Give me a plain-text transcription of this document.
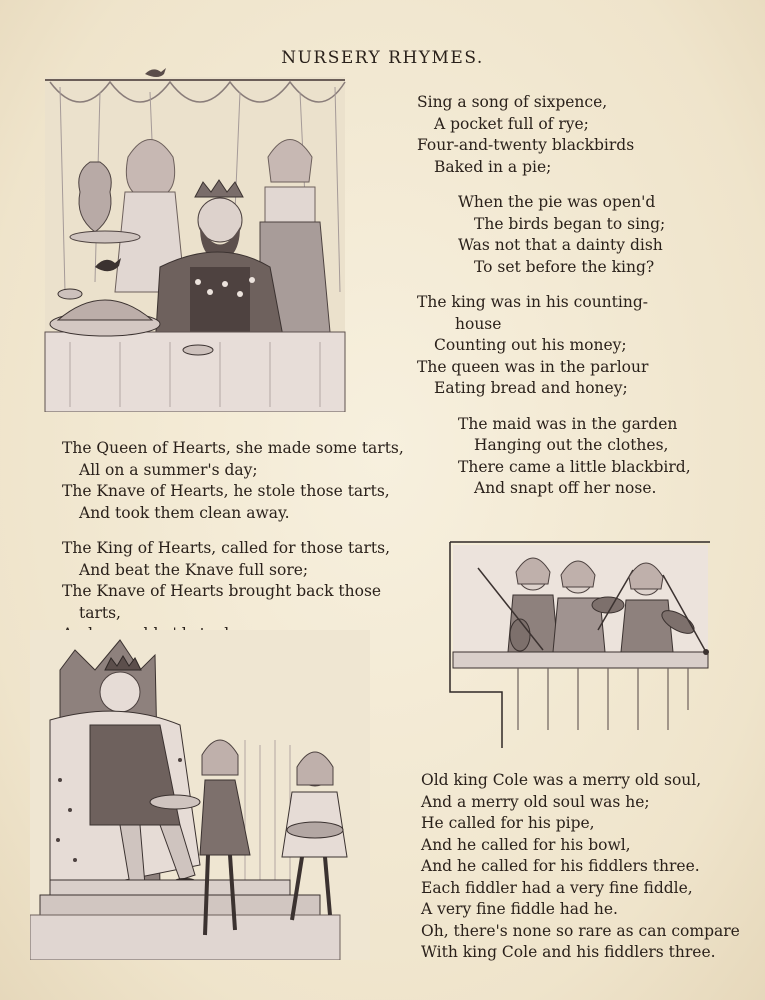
NURSERY RHYMES.
Sing a song of sixpence,
A pocket full of rye;
Four-and-twenty blackbirds
Baked in a pie;
When the pie was open'd
The birds began to sing;
Was not that a dainty dish
To set before the king?
The king was in his counting-
house
Counting out his money;
The queen was in the parlour
Eating bread and honey;
The maid was in the garden
Hanging out the clothes,
There came a little blackbird,
And snapt off her nose.
The Queen of Hearts, she made some tarts,
All on a summer's day;
The Knave of Hearts, he stole those tarts,
And took them clean away.
The King of Hearts, called for those tarts,
And beat the Knave full sore;
The Knave of Hearts brought back those
tarts,
Old king Cole was a merry old soul,
And a merry old soul was he;
He called for his pipe,
And he called for his bowl,
And he called for his fiddlers three.
Each fiddler had a very fine fiddle,
A very fine fiddle had he.
Oh, there's none so rare as can compare
With king Cole and his fiddlers three.
